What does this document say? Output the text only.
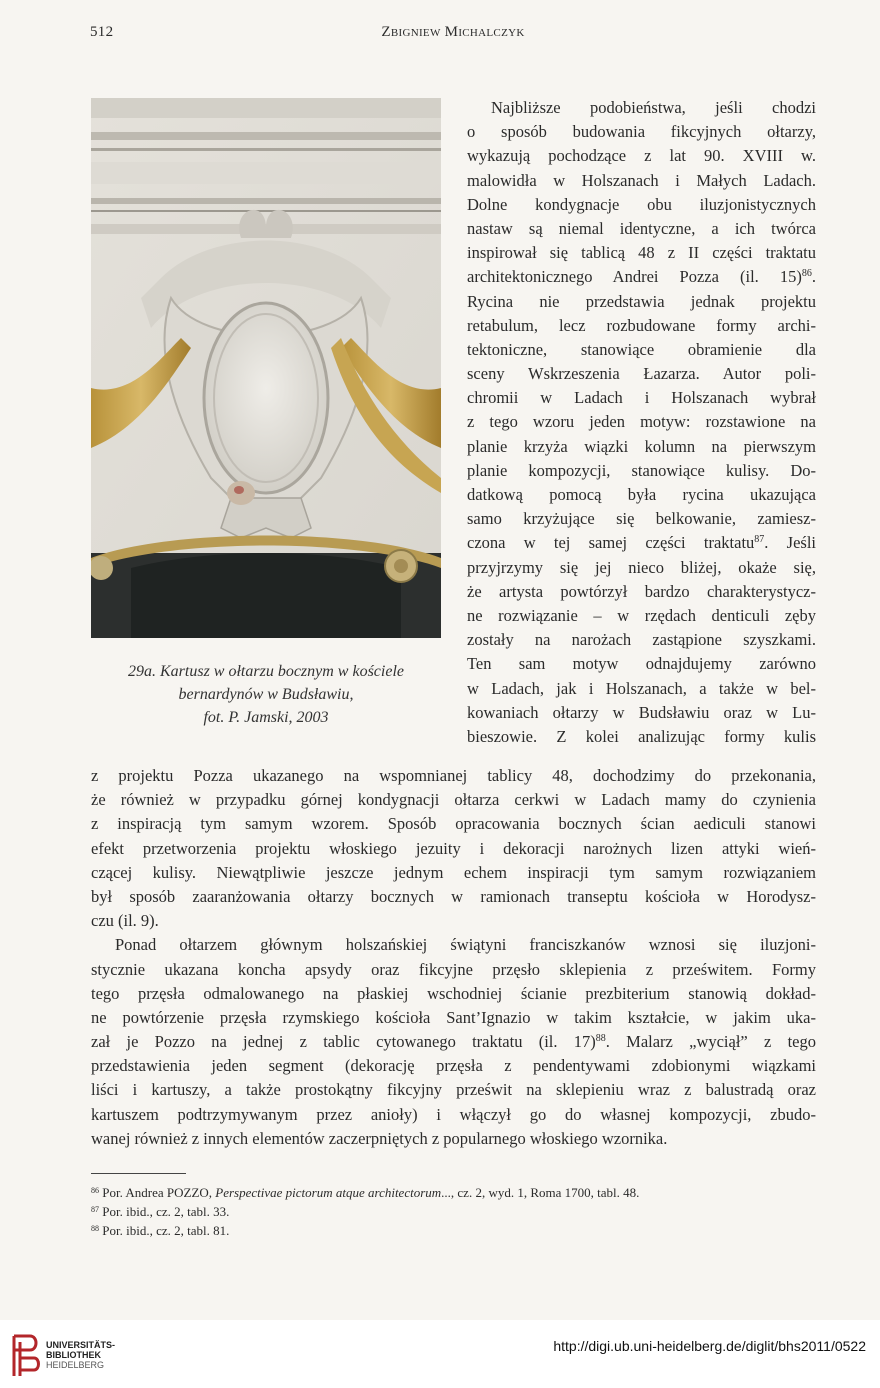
512	Zbigniew Michalczyk
29a. Kartusz w ołtarzu bocznym w kościele
bernardynów w Budsławiu,
fot. P. Jamski, 2003
Najbliższe podobieństwa, jeśli chodzi
o sposób budowania fikcyjnych ołtarzy,
wykazują pochodzące z lat 90. XVIII w.
malowidła w Holszanach i Małych Ladach.
Dolne kondygnacje obu iluzjonistycznych
nastaw są niemal identyczne, a ich twórca
inspirował się tablicą 48 z II części traktatu
architektonicznego Andrei Pozza (il. 15)$^{86}$.
Rycina nie przedstawia jednak projektu
retabulum, lecz rozbudowane formy archi-
tektoniczne, stanowiące obramienie dla
sceny Wskrzeszenia Łazarza. Autor poli-
chromii w Ladach i Holszanach wybrał
z tego wzoru jeden motyw: rozstawione na
planie krzyża wiązki kolumn na pierwszym
planie kompozycji, stanowiące kulisy. Do-
datkową pomocą była rycina ukazująca
samo krzyżujące się belkowanie, zamiesz-
czona w tej samej części traktatu$^{87}$. Jeśli
przyjrzymy się jej nieco bliżej, okaże się,
że artysta powtórzył bardzo charakterystycz-
ne rozwiązanie – w rzędach denticuli zęby
zostały na narożach zastąpione szyszkami.
Ten sam motyw odnajdujemy zarówno
w Ladach, jak i Holszanach, a także w bel-
kowaniach ołtarzy w Budsławiu oraz w Lu-
bieszowie. Z kolei analizując formy kulis
z projektu Pozza ukazanego na wspomnianej tablicy 48, dochodzimy do przekonania,
że również w przypadku górnej kondygnacji ołtarza cerkwi w Ladach mamy do czynienia
z inspiracją tym samym wzorem. Sposób opracowania bocznych ścian aediculi stanowi
efekt przetworzenia projektu włoskiego jezuity i dekoracji narożnych lizen attyki wień-
czącej kulisy. Niewątpliwie jeszcze jednym echem inspiracji tym samym rozwiązaniem
był sposób zaaranżowania ołtarzy bocznych w ramionach transeptu kościoła w Horodysz-
czu (il. 9).
Ponad ołtarzem głównym holszańskiej świątyni franciszkanów wznosi się iluzjoni-
stycznie ukazana koncha apsydy oraz fikcyjne przęsło sklepienia z prześwitem. Formy
tego przęsła odmalowanego na płaskiej wschodniej ścianie prezbiterium stanowią dokład-
ne powtórzenie przęsła rzymskiego kościoła Sant’Ignazio w takim kształcie, w jakim uka-
zał je Pozzo na jednej z tablic cytowanego traktatu (il. 17)$^{88}$. Malarz „wyciął” z tego
przedstawienia jeden segment (dekorację przęsła z pendentywami zdobionymi wiązkami
liści i kartuszy, a także prostokątny fikcyjny prześwit na sklepieniu wraz z balustradą oraz
kartuszem podtrzymywanym przez anioły) i włączył go do własnej kompozycji, zbudo-
wanej również z innych elementów zaczerpniętych z popularnego włoskiego wzornika.
$^{86}$ Por. Andrea POZZO, Perspectivae pictorum atque architectorum..., cz. 2, wyd. 1, Roma 1700, tabl. 48.
$^{87}$ Por. ibid., cz. 2, tabl. 33.
$^{88}$ Por. ibid., cz. 2, tabl. 81.
UNIVERSITÄTS-
BIBLIOTHEK
HEIDELBERG
http://digi.ub.uni-heidelberg.de/diglit/bhs2011/0522
